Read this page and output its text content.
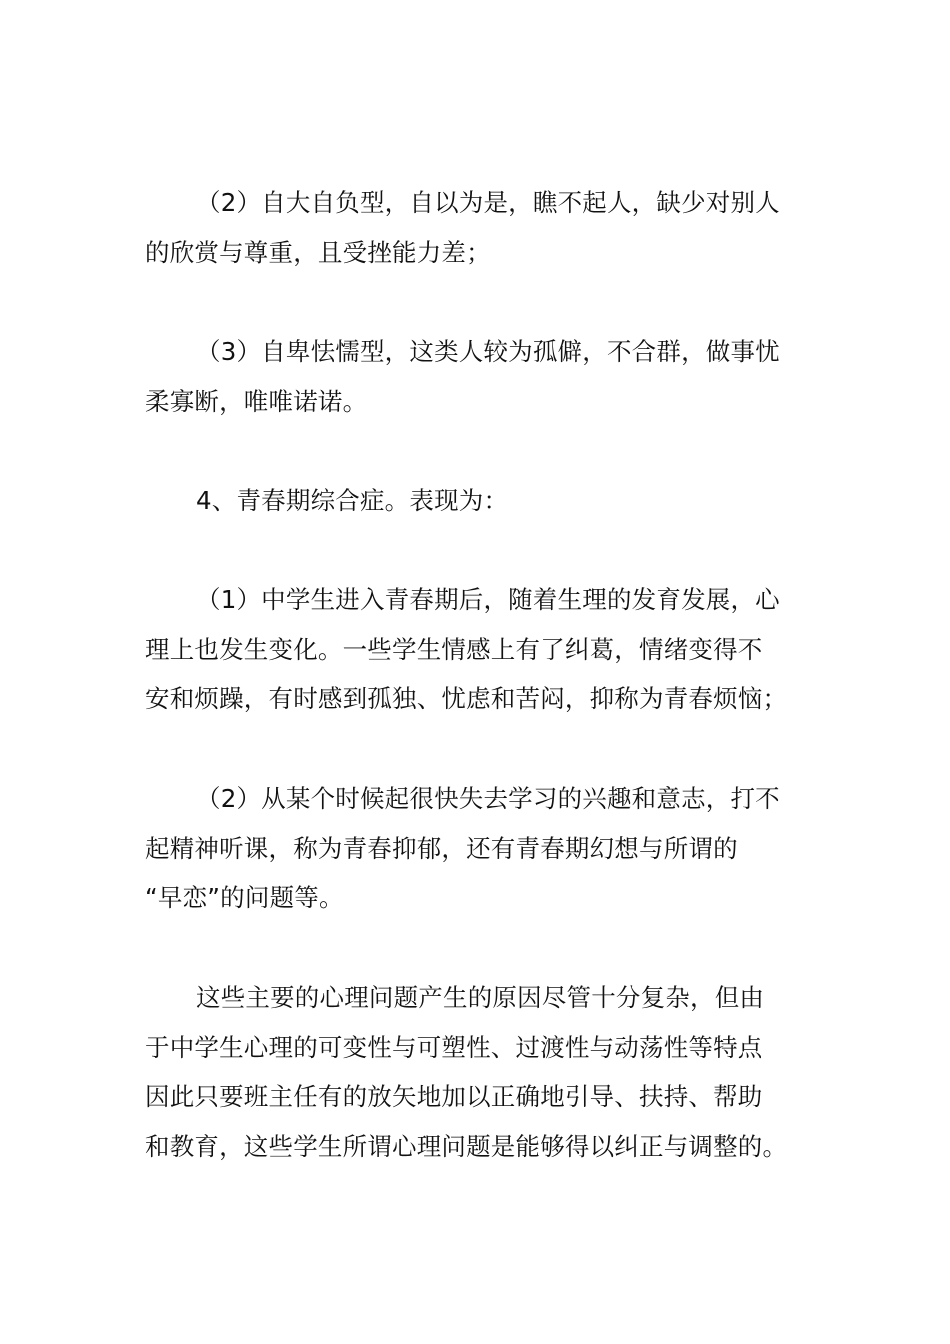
（2）自大自负型，自以为是，瞧不起人，缺少对别人
的欣赏与尊重，且受挫能力差；
（3）自卑怯懦型，这类人较为孤僻，不合群，做事忧
柔寡断，唯唯诺诺。
4、青春期综合症。表现为：
（1）中学生进入青春期后，随着生理的发育发展，心
理上也发生变化。一些学生情感上有了纠葛，情绪变得不
安和烦躁，有时感到孤独、忧虑和苦闷，抑称为青春烦恼；
（2）从某个时候起很快失去学习的兴趣和意志，打不
起精神听课，称为青春抑郁，还有青春期幻想与所谓的
“早恋”的问题等。
这些主要的心理问题产生的原因尽管十分复杂，但由
于中学生心理的可变性与可塑性、过渡性与动荡性等特点
因此只要班主任有的放矢地加以正确地引导、扶持、帮助
和教育，这些学生所谓心理问题是能够得以纠正与调整的。
